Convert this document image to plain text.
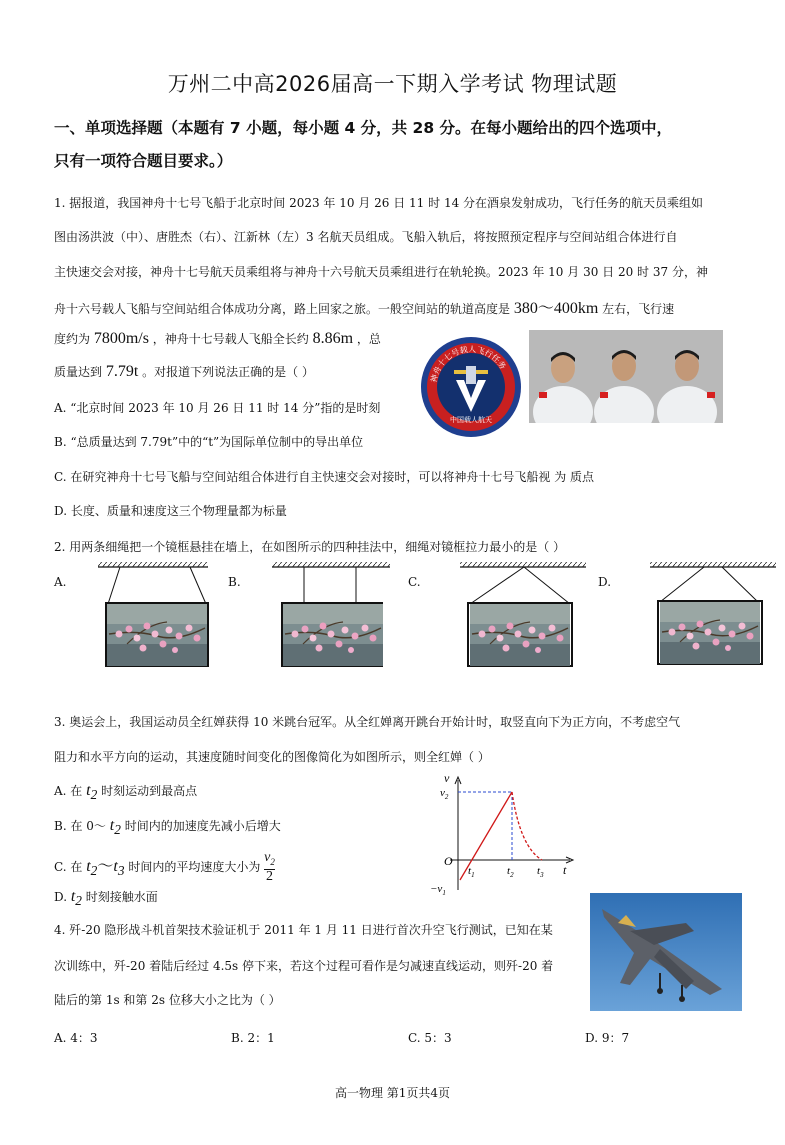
万州二中高2026届高一下期入学考试 物理试题
一、单项选择题（本题有 7 小题，每小题 4 分，共 28 分。在每小题给出的四个选项中，
只有一项符合题目要求。）
1. 据报道，我国神舟十七号飞船于北京时间 2023 年 10 月 26 日 11 时 14 分在酒泉发射成功，飞行任务的航天员乘组如
图由汤洪波（中）、唐胜杰（右）、江新林（左）3 名航天员组成。飞船入轨后，将按照预定程序与空间站组合体进行自
主快速交会对接，神舟十七号航天员乘组将与神舟十六号航天员乘组进行在轨轮换。2023 年 10 月 30 日 20 时 37 分，神
舟十六号载人飞船与空间站组合体成功分离，路上回家之旅。一般空间站的轨道高度是 380～400km 左右，飞行速
度约为 7800m/s ，神舟十七号载人飞船全长约 8.86m ，总
质量达到 7.79t 。对报道下列说法正确的是（ ）
A. “北京时间 2023 年 10 月 26 日 11 时 14 分”指的是时刻
B. “总质量达到 7.79t”中的“t”为国际单位制中的导出单位
C. 在研究神舟十七号飞船与空间站组合体进行自主快速交会对接时，可以将神舟十七号飞船视 为 质点
D. 长度、质量和速度这三个物理量都为标量
神舟十七号载人飞行任务
中国载人航天
2. 用两条细绳把一个镜框悬挂在墙上，在如图所示的四种挂法中，细绳对镜框拉力最小的是（ ）
A.	B.	C.	D.
3. 奥运会上，我国运动员全红婵获得 10 米跳台冠军。从全红婵离开跳台开始计时，取竖直向下为正方向，不考虑空气
阻力和水平方向的运动，其速度随时间变化的图像简化为如图所示，则全红婵（ ）
A. 在 $t_2$ 时刻运动到最高点
B. 在 0～ $t_2$ 时间内的加速度先减小后增大
C. 在 $t_2\sim t_3$ 时间内的平均速度大小为 $\frac{v_2}{2}$
D. $t_2$ 时刻接触水面
v
$v_2$
O
$-v_1$
$t_1$	$t_2$ $t_3$ t
4. 歼-20 隐形战斗机首架技术验证机于 2011 年 1 月 11 日进行首次升空飞行测试，已知在某
次训练中，歼-20 着陆后经过 4.5s 停下来，若这个过程可看作是匀减速直线运动，则歼-20 着
陆后的第 1s 和第 2s 位移大小之比为（ ）
A. 4：3	B. 2：1	C. 5：3	D. 9：7
高一物理 第1页共4页
